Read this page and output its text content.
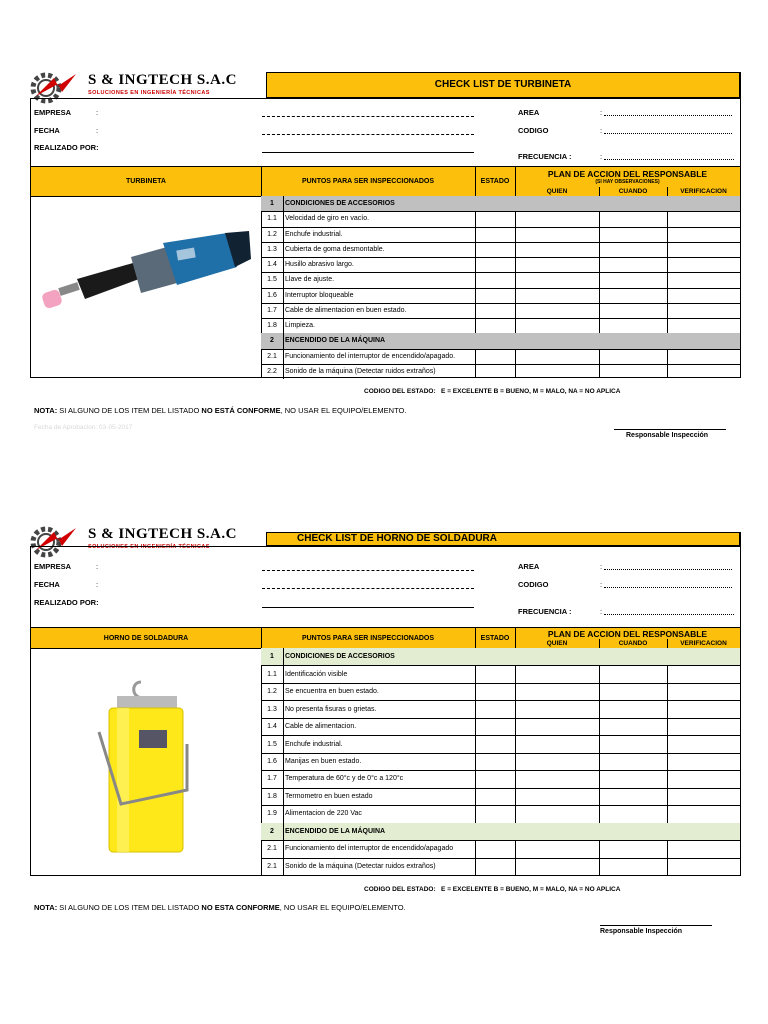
S & INGTECH S.A.C
SOLUCIONES EN INGENIERÍA TÉCNICAS
CHECK LIST DE TURBINETA
EMPRESA	:
FECHA	:
REALIZADO POR:
AREA	:
CODIGO	:
FRECUENCIA :	:
TURBINETA	PUNTOS PARA SER INSPECCIONADOS	ESTADO
PLAN DE ACCION DEL RESPONSABLE
(SI HAY OBSERVACIONES)
QUIEN	CUANDO	VERIFICACION
1	CONDICIONES DE ACCESORIOS
1.1	Velocidad de giro en vacío.
1.2	Enchufe industrial.
1.3	Cubierta de goma desmontable.
1.4	Husillo abrasivo largo.
1.5	Llave de ajuste.
1.6	Interruptor bloqueable
1.7	Cable de alimentacion en buen estado.
1.8	Limpieza.
2	ENCENDIDO DE LA MÁQUINA
2.1	Funcionamiento del interruptor de encendido/apagado.
2.2	Sonido de la máquina (Detectar ruidos extraños)
CODIGO DEL ESTADO: E = EXCELENTE B = BUENO, M = MALO, NA = NO APLICA
NOTA: SI ALGUNO DE LOS ITEM DEL LISTADO NO ESTÁ CONFORME, NO USAR EL EQUIPO/ELEMENTO.
Fecha de Aprobacion: 03-05-2017
Responsable Inspección
S & INGTECH S.A.C
SOLUCIONES EN INGENIERÍA TÉCNICAS
CHECK LIST DE HORNO DE SOLDADURA
EMPRESA	:
FECHA	:
REALIZADO POR:
AREA	:
CODIGO	:
FRECUENCIA :	:
HORNO DE SOLDADURA	PUNTOS PARA SER INSPECCIONADOS	ESTADO	PLAN DE ACCION DEL RESPONSABLE
QUIEN	CUANDO	VERIFICACION
1	CONDICIONES DE ACCESORIOS
1.1	Identificación visible
1.2	Se encuentra en buen estado.
1.3	No presenta fisuras o grietas.
1.4	Cable de alimentacion.
1.5	Enchufe industrial.
1.6	Manijas en buen estado.
1.7	Temperatura de 60°c y de 0°c a 120°c
1.8	Termometro en buen estado
1.9	Alimentacion de 220 Vac
2	ENCENDIDO DE LA MÁQUINA
2.1	Funcionamiento del interruptor de encendido/apagado
2.1	Sonido de la máquina (Detectar ruidos extraños)
CODIGO DEL ESTADO: E = EXCELENTE B = BUENO, M = MALO, NA = NO APLICA
NOTA: SI ALGUNO DE LOS ITEM DEL LISTADO NO ESTA CONFORME, NO USAR EL EQUIPO/ELEMENTO.
Responsable Inspección
